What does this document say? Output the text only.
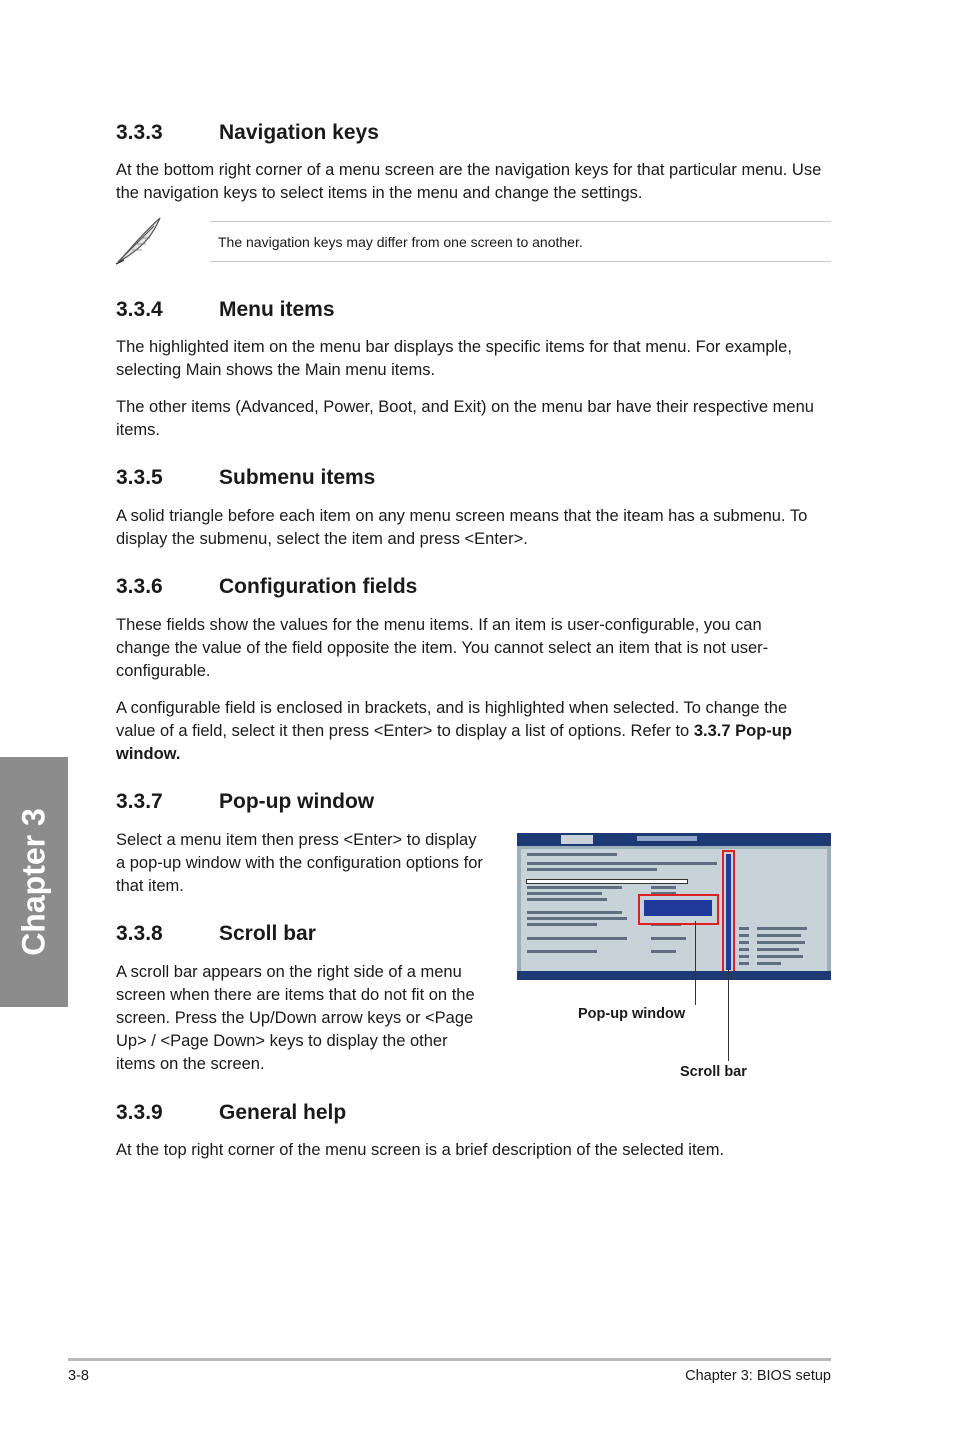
Chapter 3
3.3.3	Navigation keys

At the bottom right corner of a menu screen are the navigation keys for that particular menu. Use the navigation keys to select items in the menu and change the settings.

The navigation keys may differ from one screen to another.
3.3.4	Menu items

The highlighted item on the menu bar displays the specific items for that menu. For example, selecting Main shows the Main menu items.

The other items (Advanced, Power, Boot, and Exit) on the menu bar have their respective menu items.

3.3.5	Submenu items

A solid triangle before each item on any menu screen means that the iteam has a submenu. To display the submenu, select the item and press <Enter>.

3.3.6	Configuration fields

These fields show the values for the menu items. If an item is user-configurable, you can change the value of the field opposite the item. You cannot select an item that is not user-configurable.

A configurable field is enclosed in brackets, and is highlighted when selected. To change the value of a field, select it then press <Enter> to display a list of options. Refer to 3.3.7 Pop-up window.

3.3.7	Pop-up window

Select a menu item then press <Enter> to display a pop-up window with the configuration options for that item.

3.3.8	Scroll bar

A scroll bar appears on the right side of a menu screen when there are items that do not fit on the screen. Press the Up/Down arrow keys or <Page Up> / <Page Down> keys to display the other items on the screen.

Pop-up window
Scroll bar
3.3.9	General help

At the top right corner of the menu screen is a brief description of the selected item.

3-8	Chapter 3: BIOS setup
